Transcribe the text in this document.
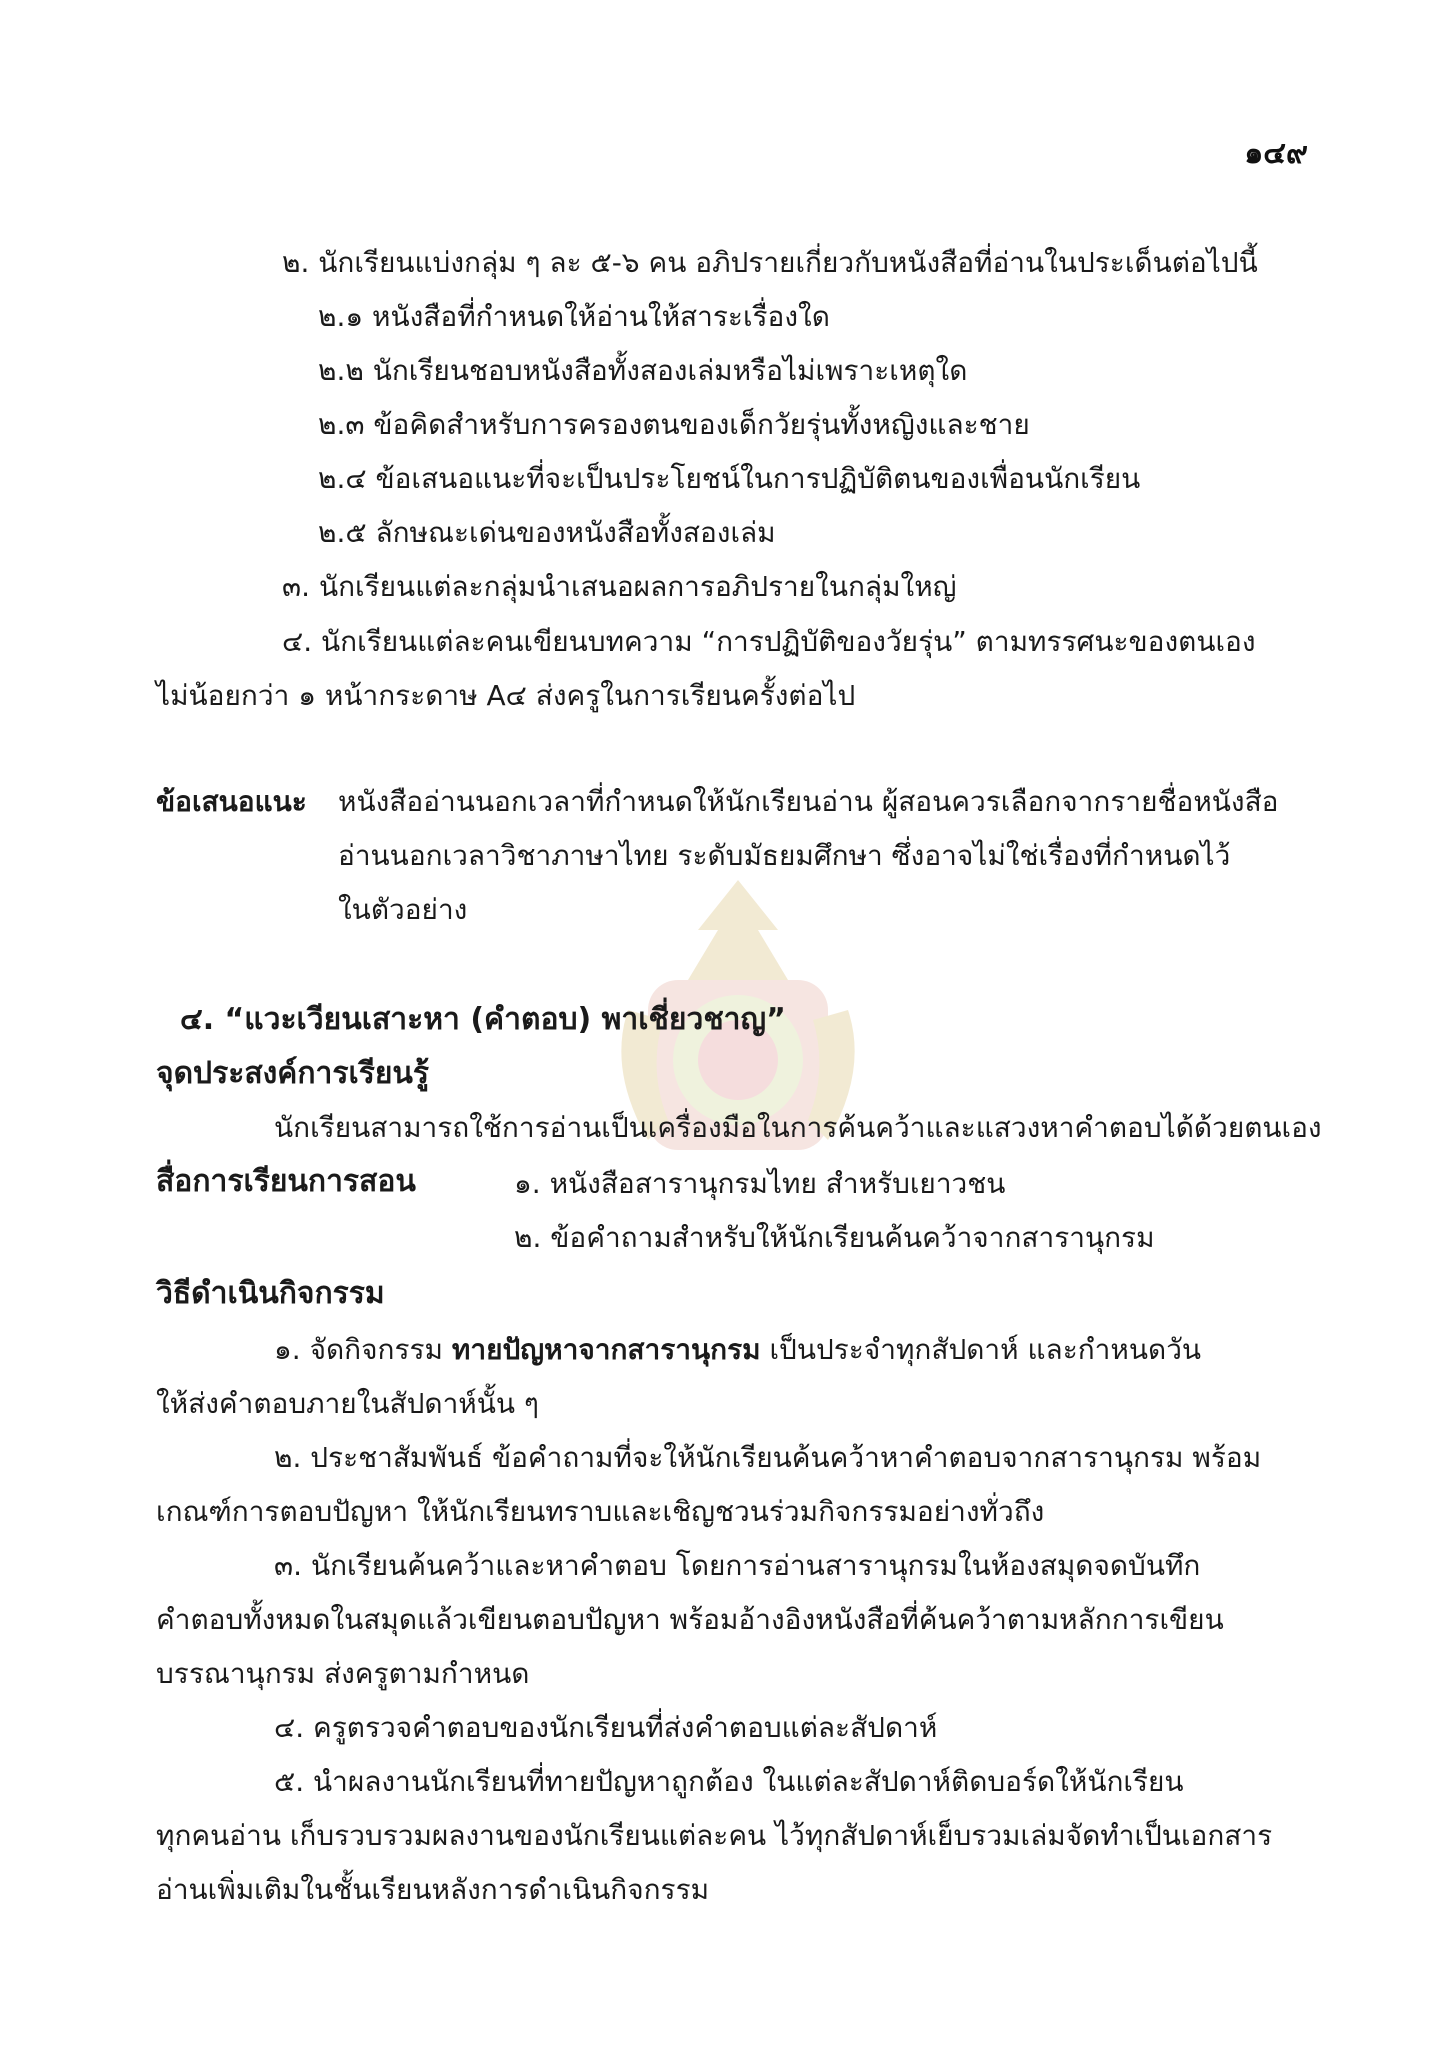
๑๔๙
๒. นักเรียนแบ่งกลุ่ม ๆ ละ ๕-๖ คน อภิปรายเกี่ยวกับหนังสือที่อ่านในประเด็นต่อไปนี้
๒.๑ หนังสือที่กำหนดให้อ่านให้สาระเรื่องใด
๒.๒ นักเรียนชอบหนังสือทั้งสองเล่มหรือไม่เพราะเหตุใด
๒.๓ ข้อคิดสำหรับการครองตนของเด็กวัยรุ่นทั้งหญิงและชาย
๒.๔ ข้อเสนอแนะที่จะเป็นประโยชน์ในการปฏิบัติตนของเพื่อนนักเรียน
๒.๕ ลักษณะเด่นของหนังสือทั้งสองเล่ม
๓. นักเรียนแต่ละกลุ่มนำเสนอผลการอภิปรายในกลุ่มใหญ่
๔. นักเรียนแต่ละคนเขียนบทความ “การปฏิบัติของวัยรุ่น” ตามทรรศนะของตนเอง
ไม่น้อยกว่า ๑ หน้ากระดาษ A๔ ส่งครูในการเรียนครั้งต่อไป
ข้อเสนอแนะ หนังสืออ่านนอกเวลาที่กำหนดให้นักเรียนอ่าน ผู้สอนควรเลือกจากรายชื่อหนังสือ
อ่านนอกเวลาวิชาภาษาไทย ระดับมัธยมศึกษา ซึ่งอาจไม่ใช่เรื่องที่กำหนดไว้
ในตัวอย่าง
๔. “แวะเวียนเสาะหา (คำตอบ) พาเชี่ยวชาญ”
จุดประสงค์การเรียนรู้
นักเรียนสามารถใช้การอ่านเป็นเครื่องมือในการค้นคว้าและแสวงหาคำตอบได้ด้วยตนเอง
สื่อการเรียนการสอน	๑. หนังสือสารานุกรมไทย สำหรับเยาวชน
๒. ข้อคำถามสำหรับให้นักเรียนค้นคว้าจากสารานุกรม
วิธีดำเนินกิจกรรม
๑. จัดกิจกรรม ทายปัญหาจากสารานุกรม เป็นประจำทุกสัปดาห์ และกำหนดวัน
ให้ส่งคำตอบภายในสัปดาห์นั้น ๆ
๒. ประชาสัมพันธ์ ข้อคำถามที่จะให้นักเรียนค้นคว้าหาคำตอบจากสารานุกรม พร้อม
เกณฑ์การตอบปัญหา ให้นักเรียนทราบและเชิญชวนร่วมกิจกรรมอย่างทั่วถึง
๓. นักเรียนค้นคว้าและหาคำตอบ โดยการอ่านสารานุกรมในห้องสมุดจดบันทึก
คำตอบทั้งหมดในสมุดแล้วเขียนตอบปัญหา พร้อมอ้างอิงหนังสือที่ค้นคว้าตามหลักการเขียน
บรรณานุกรม ส่งครูตามกำหนด
๔. ครูตรวจคำตอบของนักเรียนที่ส่งคำตอบแต่ละสัปดาห์
๕. นำผลงานนักเรียนที่ทายปัญหาถูกต้อง ในแต่ละสัปดาห์ติดบอร์ดให้นักเรียน
ทุกคนอ่าน เก็บรวบรวมผลงานของนักเรียนแต่ละคน ไว้ทุกสัปดาห์เย็บรวมเล่มจัดทำเป็นเอกสาร
อ่านเพิ่มเติมในชั้นเรียนหลังการดำเนินกิจกรรม
